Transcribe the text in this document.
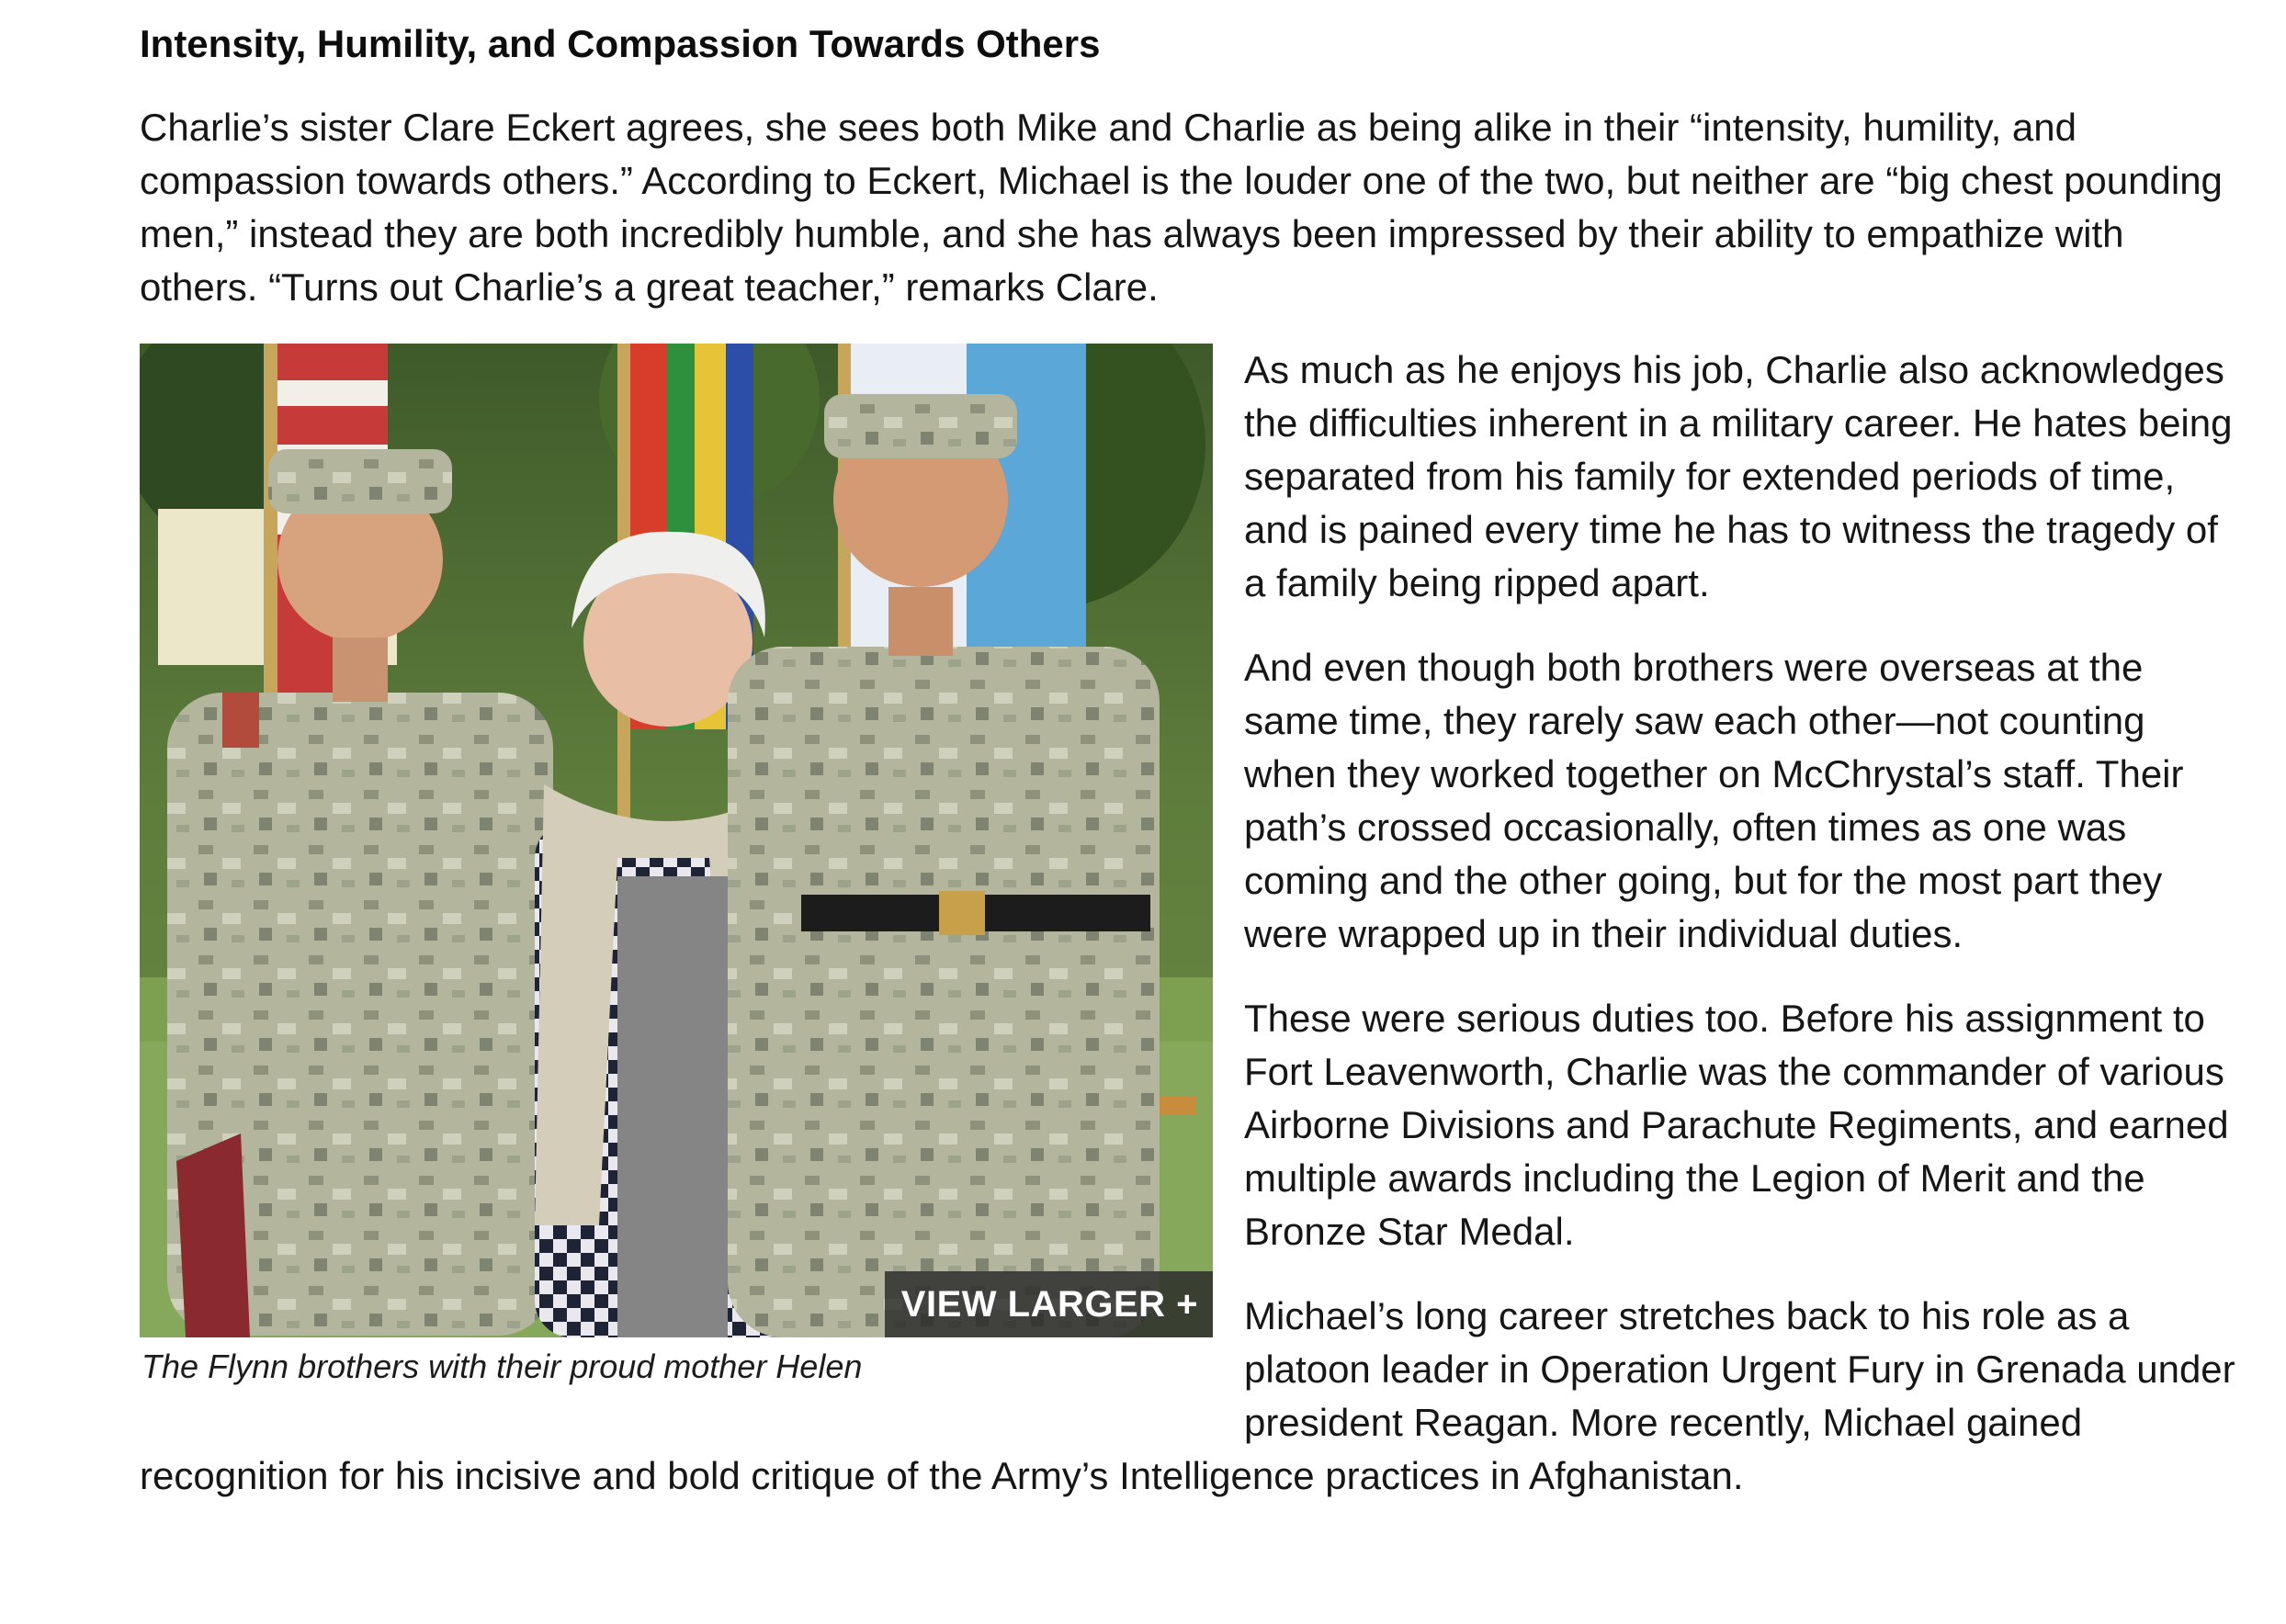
Intensity, Humility, and Compassion Towards Others

Charlie’s sister Clare Eckert agrees, she sees both Mike and Charlie as being alike in their “intensity, humility, and compassion towards others.” According to Eckert, Michael is the louder one of the two, but neither are “big chest pounding men,” instead they are both incredibly humble, and she has always been impressed by their ability to empathize with others. “Turns out Charlie’s a great teacher,” remarks Clare.

VIEW LARGER +
The Flynn brothers with their proud mother Helen

As much as he enjoys his job, Charlie also acknowledges the difficulties inherent in a military career. He hates being separated from his family for extended periods of time, and is pained every time he has to witness the tragedy of a family being ripped apart.

And even though both brothers were overseas at the same time, they rarely saw each other—not counting when they worked together on McChrystal’s staff. Their path’s crossed occasionally, often times as one was coming and the other going, but for the most part they were wrapped up in their individual duties.

These were serious duties too. Before his assignment to Fort Leavenworth, Charlie was the commander of various Airborne Divisions and Parachute Regiments, and earned multiple awards including the Legion of Merit and the Bronze Star Medal.

Michael’s long career stretches back to his role as a platoon leader in Operation Urgent Fury in Grenada under president Reagan. More recently, Michael gained recognition for his incisive and bold critique of the Army’s Intelligence practices in Afghanistan.
